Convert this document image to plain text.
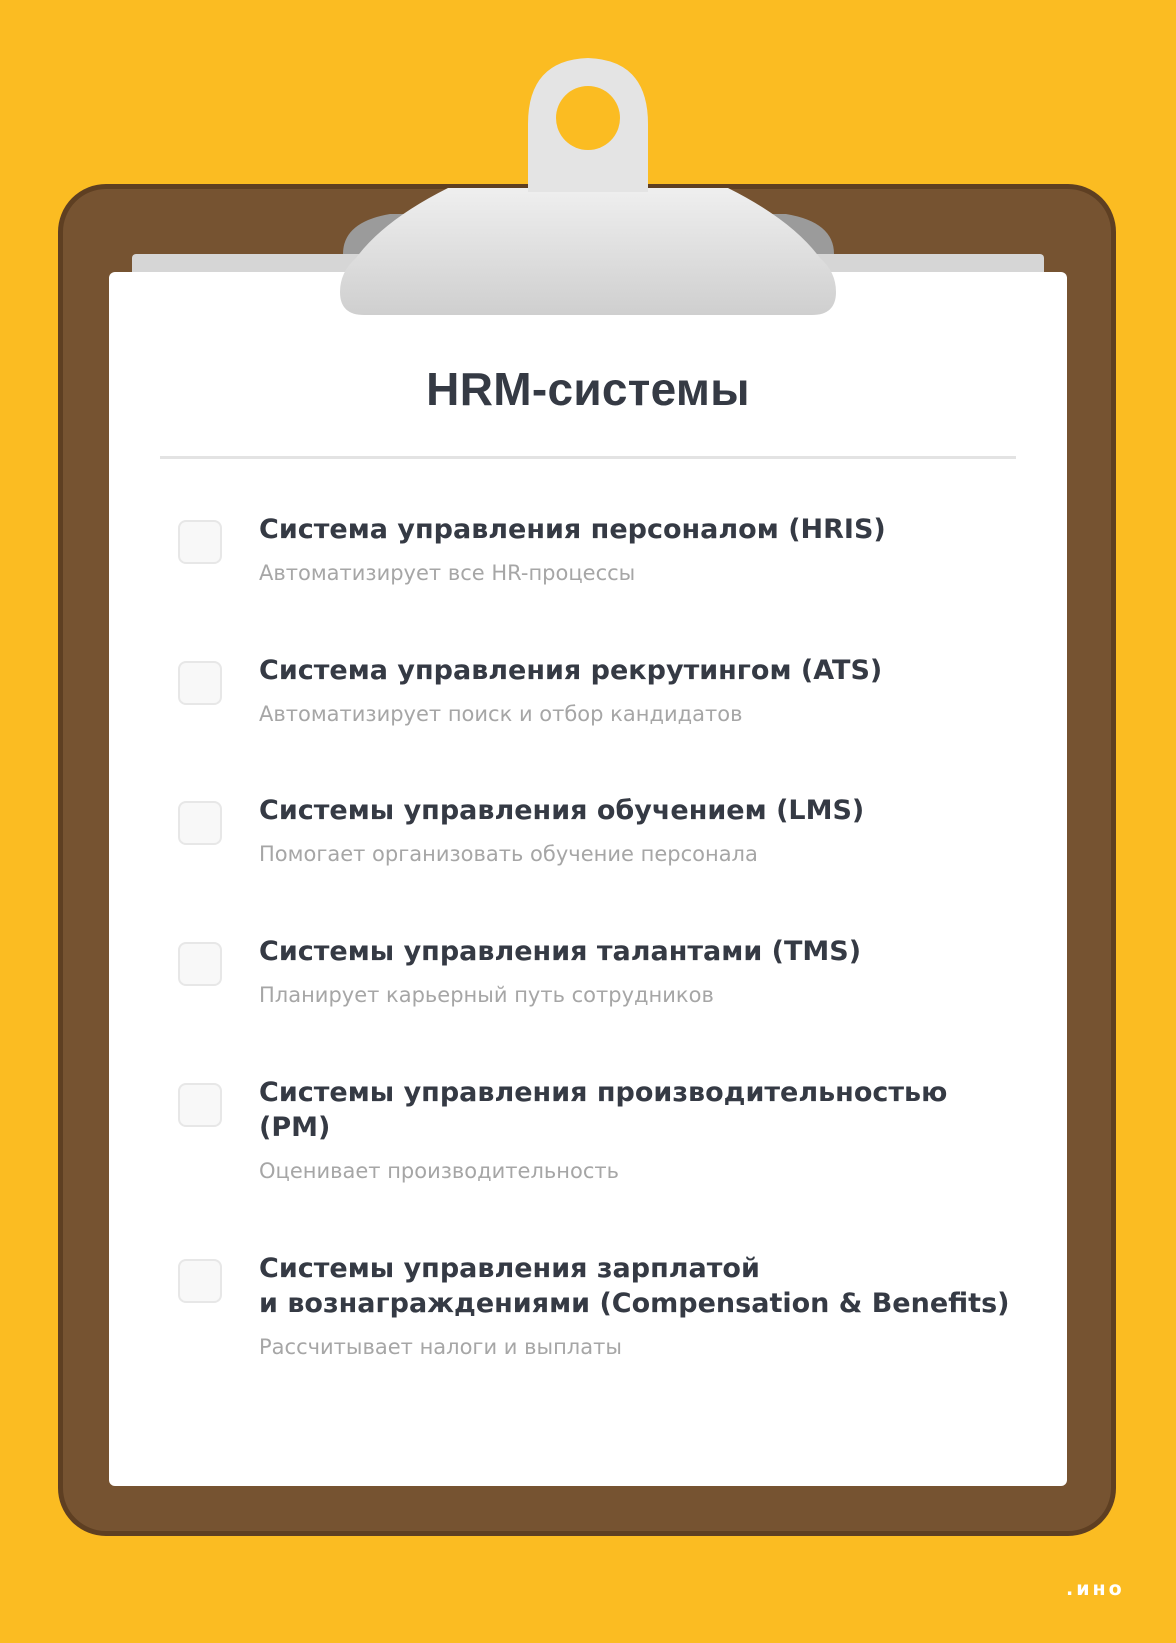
HRM-системы
Система управления персоналом (HRIS)
Автоматизирует все HR-процессы
Система управления рекрутингом (ATS)
Автоматизирует поиск и отбор кандидатов
Системы управления обучением (LMS)
Помогает организовать обучение персонала
Системы управления талантами (TMS)
Планирует карьерный путь сотрудников
Системы управления производительностью
(PM)
Оценивает производительность
Системы управления зарплатой
и вознаграждениями (Compensation & Benefits)
Рассчитывает налоги и выплаты
.ино
